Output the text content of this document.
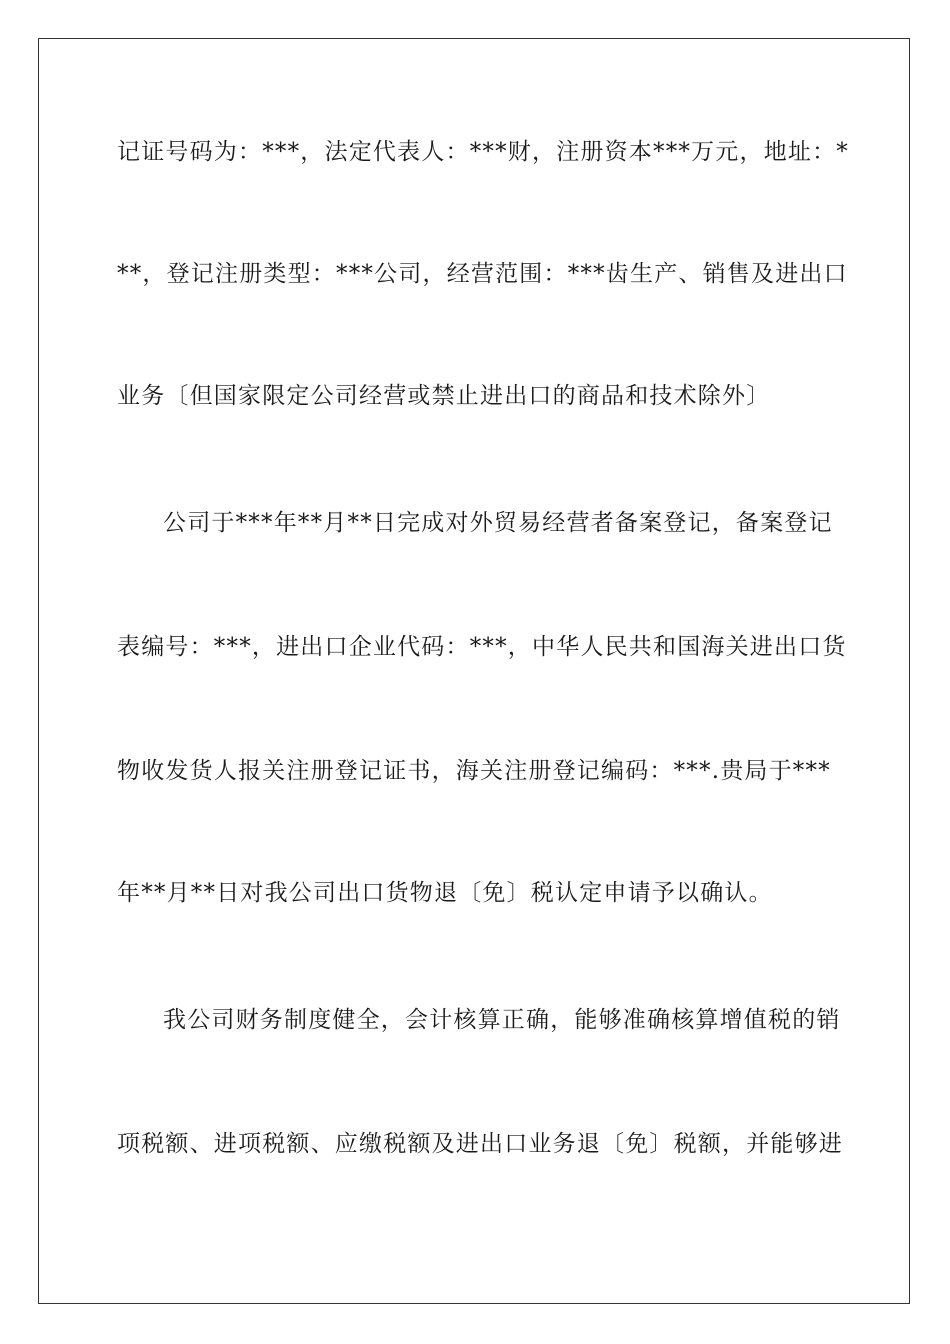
记证号码为：***，法定代表人：***财，注册资本***万元，地址：*
**，登记注册类型：***公司，经营范围：***齿生产、销售及进出口
业务〔但国家限定公司经营或禁止进出口的商品和技术除外〕
公司于***年**月**日完成对外贸易经营者备案登记，备案登记
表编号：***，进出口企业代码：***，中华人民共和国海关进出口货
物收发货人报关注册登记证书，海关注册登记编码：***.贵局于***
年**月**日对我公司出口货物退〔免〕税认定申请予以确认。
我公司财务制度健全，会计核算正确，能够准确核算增值税的销
项税额、进项税额、应缴税额及进出口业务退〔免〕税额，并能够进
